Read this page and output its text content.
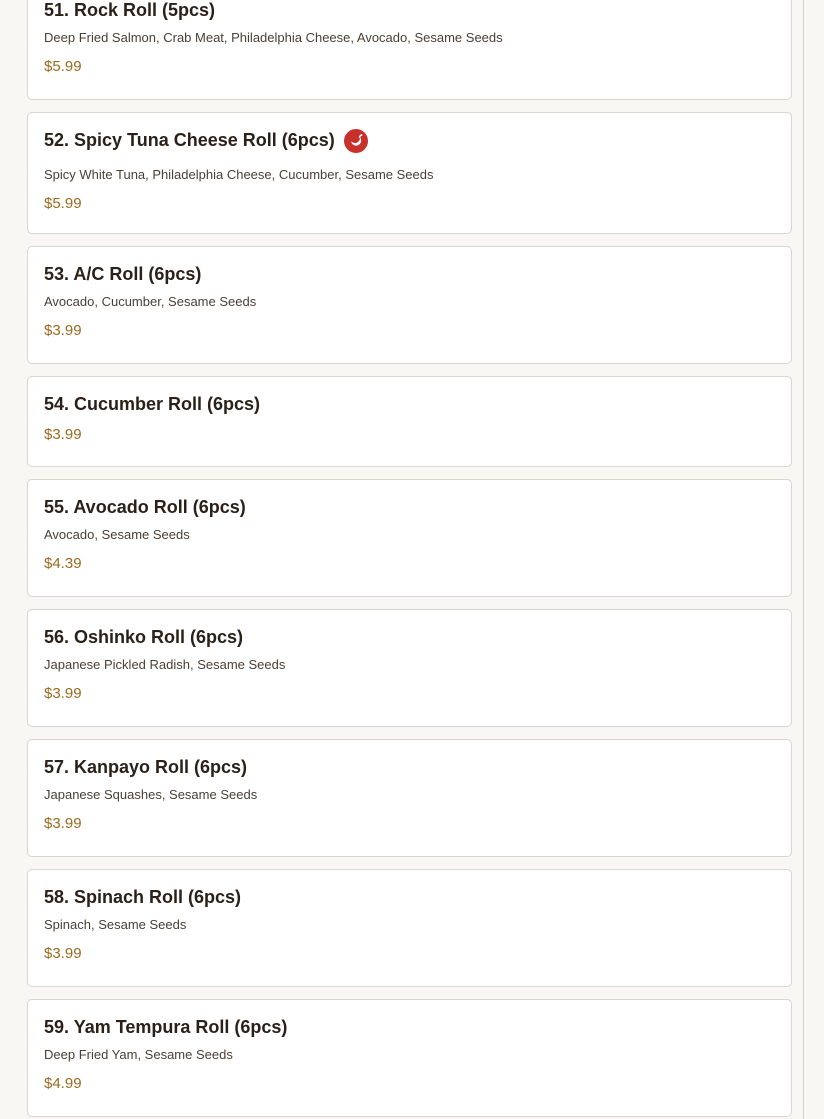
51. Rock Roll (5pcs)
Deep Fried Salmon, Crab Meat, Philadelphia Cheese, Avocado, Sesame Seeds
$5.99
52. Spicy Tuna Cheese Roll (6pcs)
Spicy White Tuna, Philadelphia Cheese, Cucumber, Sesame Seeds
$5.99
53. A/C Roll (6pcs)
Avocado, Cucumber, Sesame Seeds
$3.99
54. Cucumber Roll (6pcs)
$3.99
55. Avocado Roll (6pcs)
Avocado, Sesame Seeds
$4.39
56. Oshinko Roll (6pcs)
Japanese Pickled Radish, Sesame Seeds
$3.99
57. Kanpayo Roll (6pcs)
Japanese Squashes, Sesame Seeds
$3.99
58. Spinach Roll (6pcs)
Spinach, Sesame Seeds
$3.99
59. Yam Tempura Roll (6pcs)
Deep Fried Yam, Sesame Seeds
$4.99
